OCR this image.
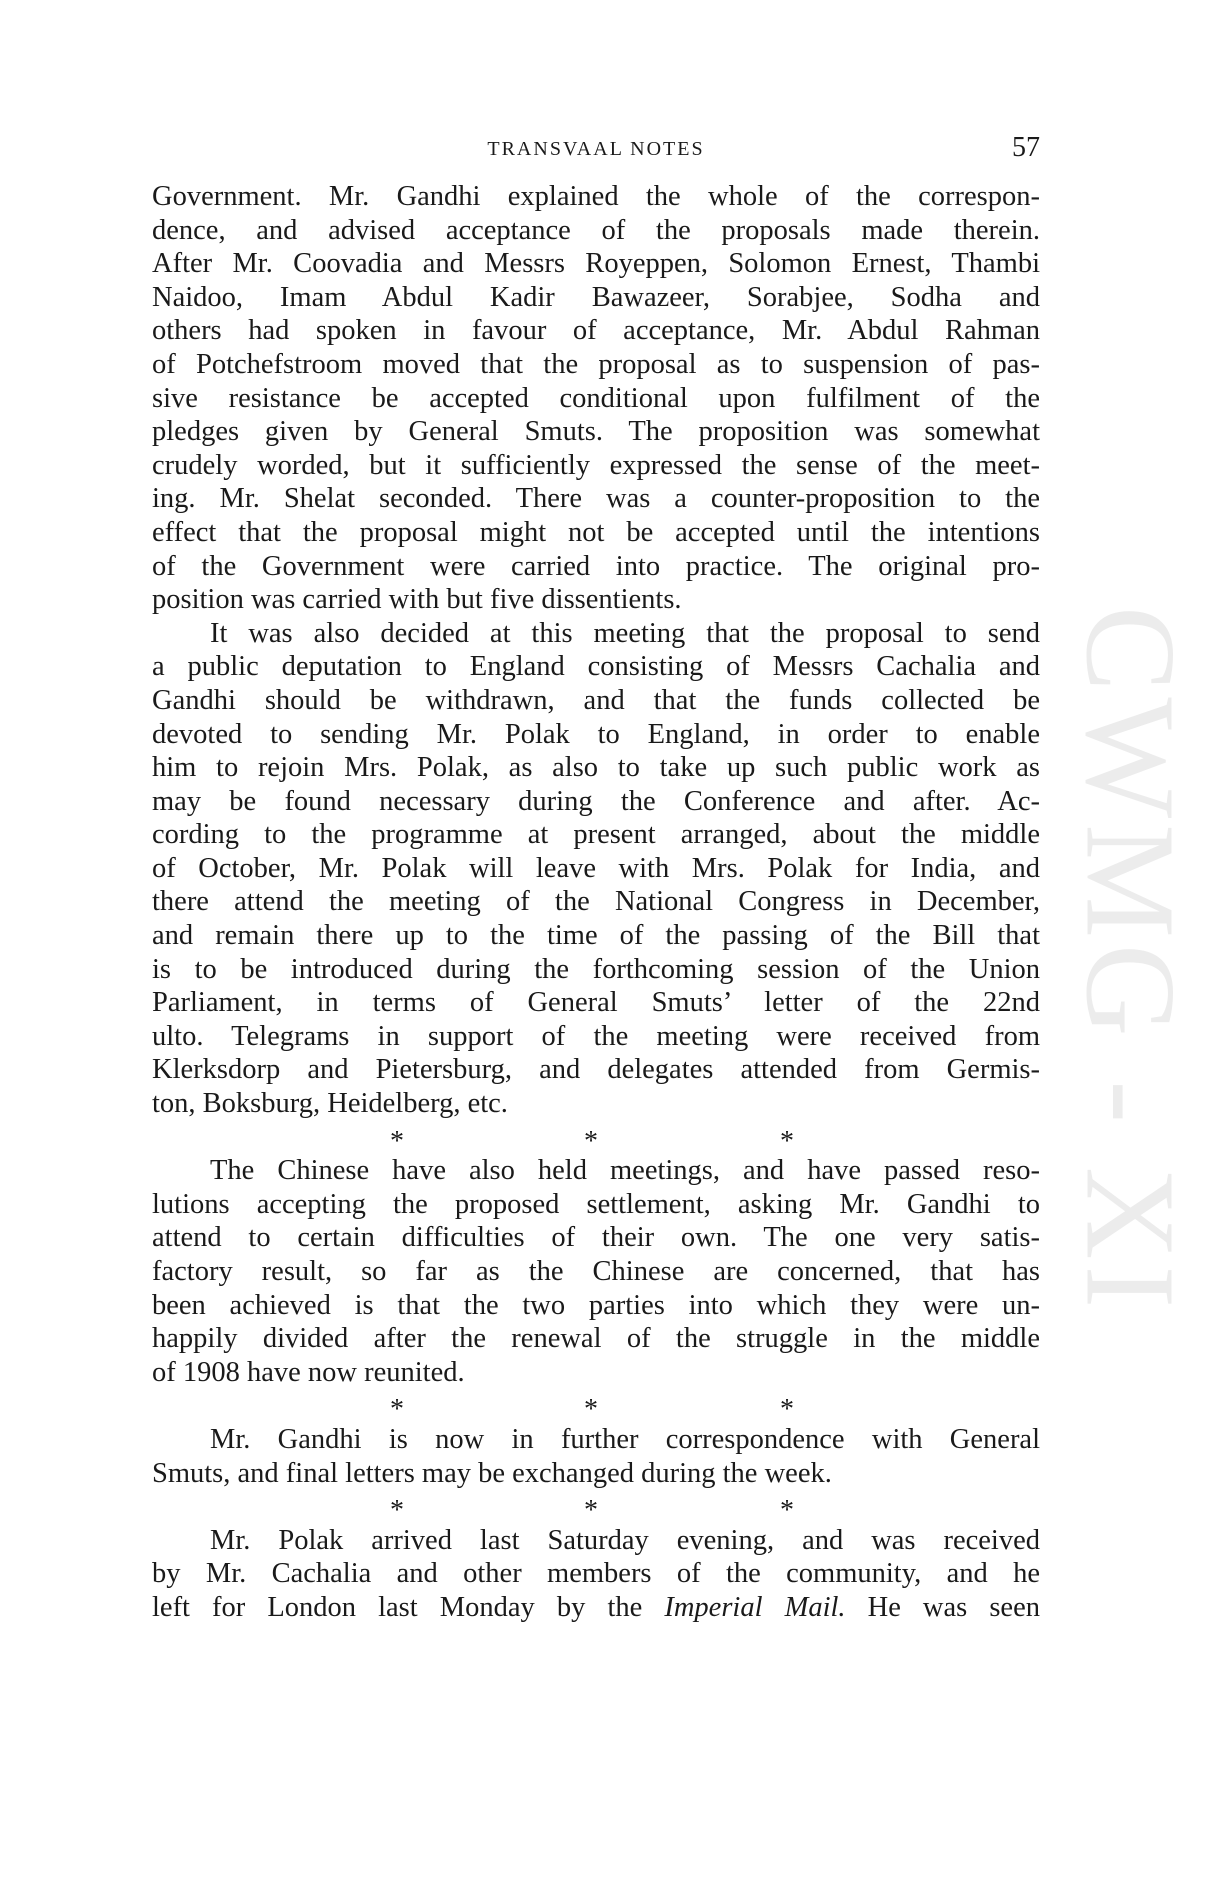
CWMG - XI
TRANSVAAL NOTES	57
Government. Mr. Gandhi explained the whole of the correspon-
dence, and advised acceptance of the proposals made therein.
After Mr. Coovadia and Messrs Royeppen, Solomon Ernest, Thambi
Naidoo, Imam Abdul Kadir Bawazeer, Sorabjee, Sodha and
others had spoken in favour of acceptance, Mr. Abdul Rahman
of Potchefstroom moved that the proposal as to suspension of pas-
sive resistance be accepted conditional upon fulfilment of the
pledges given by General Smuts. The proposition was somewhat
crudely worded, but it sufficiently expressed the sense of the meet-
ing. Mr. Shelat seconded. There was a counter-proposition to the
effect that the proposal might not be accepted until the intentions
of the Government were carried into practice. The original pro-
position was carried with but five dissentients.
It was also decided at this meeting that the proposal to send
a public deputation to England consisting of Messrs Cachalia and
Gandhi should be withdrawn, and that the funds collected be
devoted to sending Mr. Polak to England, in order to enable
him to rejoin Mrs. Polak, as also to take up such public work as
may be found necessary during the Conference and after. Ac-
cording to the programme at present arranged, about the middle
of October, Mr. Polak will leave with Mrs. Polak for India, and
there attend the meeting of the National Congress in December,
and remain there up to the time of the passing of the Bill that
is to be introduced during the forthcoming session of the Union
Parliament, in terms of General Smuts’ letter of the 22nd
ulto. Telegrams in support of the meeting were received from
Klerksdorp and Pietersburg, and delegates attended from Germis-
ton, Boksburg, Heidelberg, etc.
*	*	*
The Chinese have also held meetings, and have passed reso-
lutions accepting the proposed settlement, asking Mr. Gandhi to
attend to certain difficulties of their own. The one very satis-
factory result, so far as the Chinese are concerned, that has
been achieved is that the two parties into which they were un-
happily divided after the renewal of the struggle in the middle
of 1908 have now reunited.
*	*	*
Mr. Gandhi is now in further correspondence with General
Smuts, and final letters may be exchanged during the week.
*	*	*
Mr. Polak arrived last Saturday evening, and was received
by Mr. Cachalia and other members of the community, and he
left for London last Monday by the Imperial Mail. He was seen
